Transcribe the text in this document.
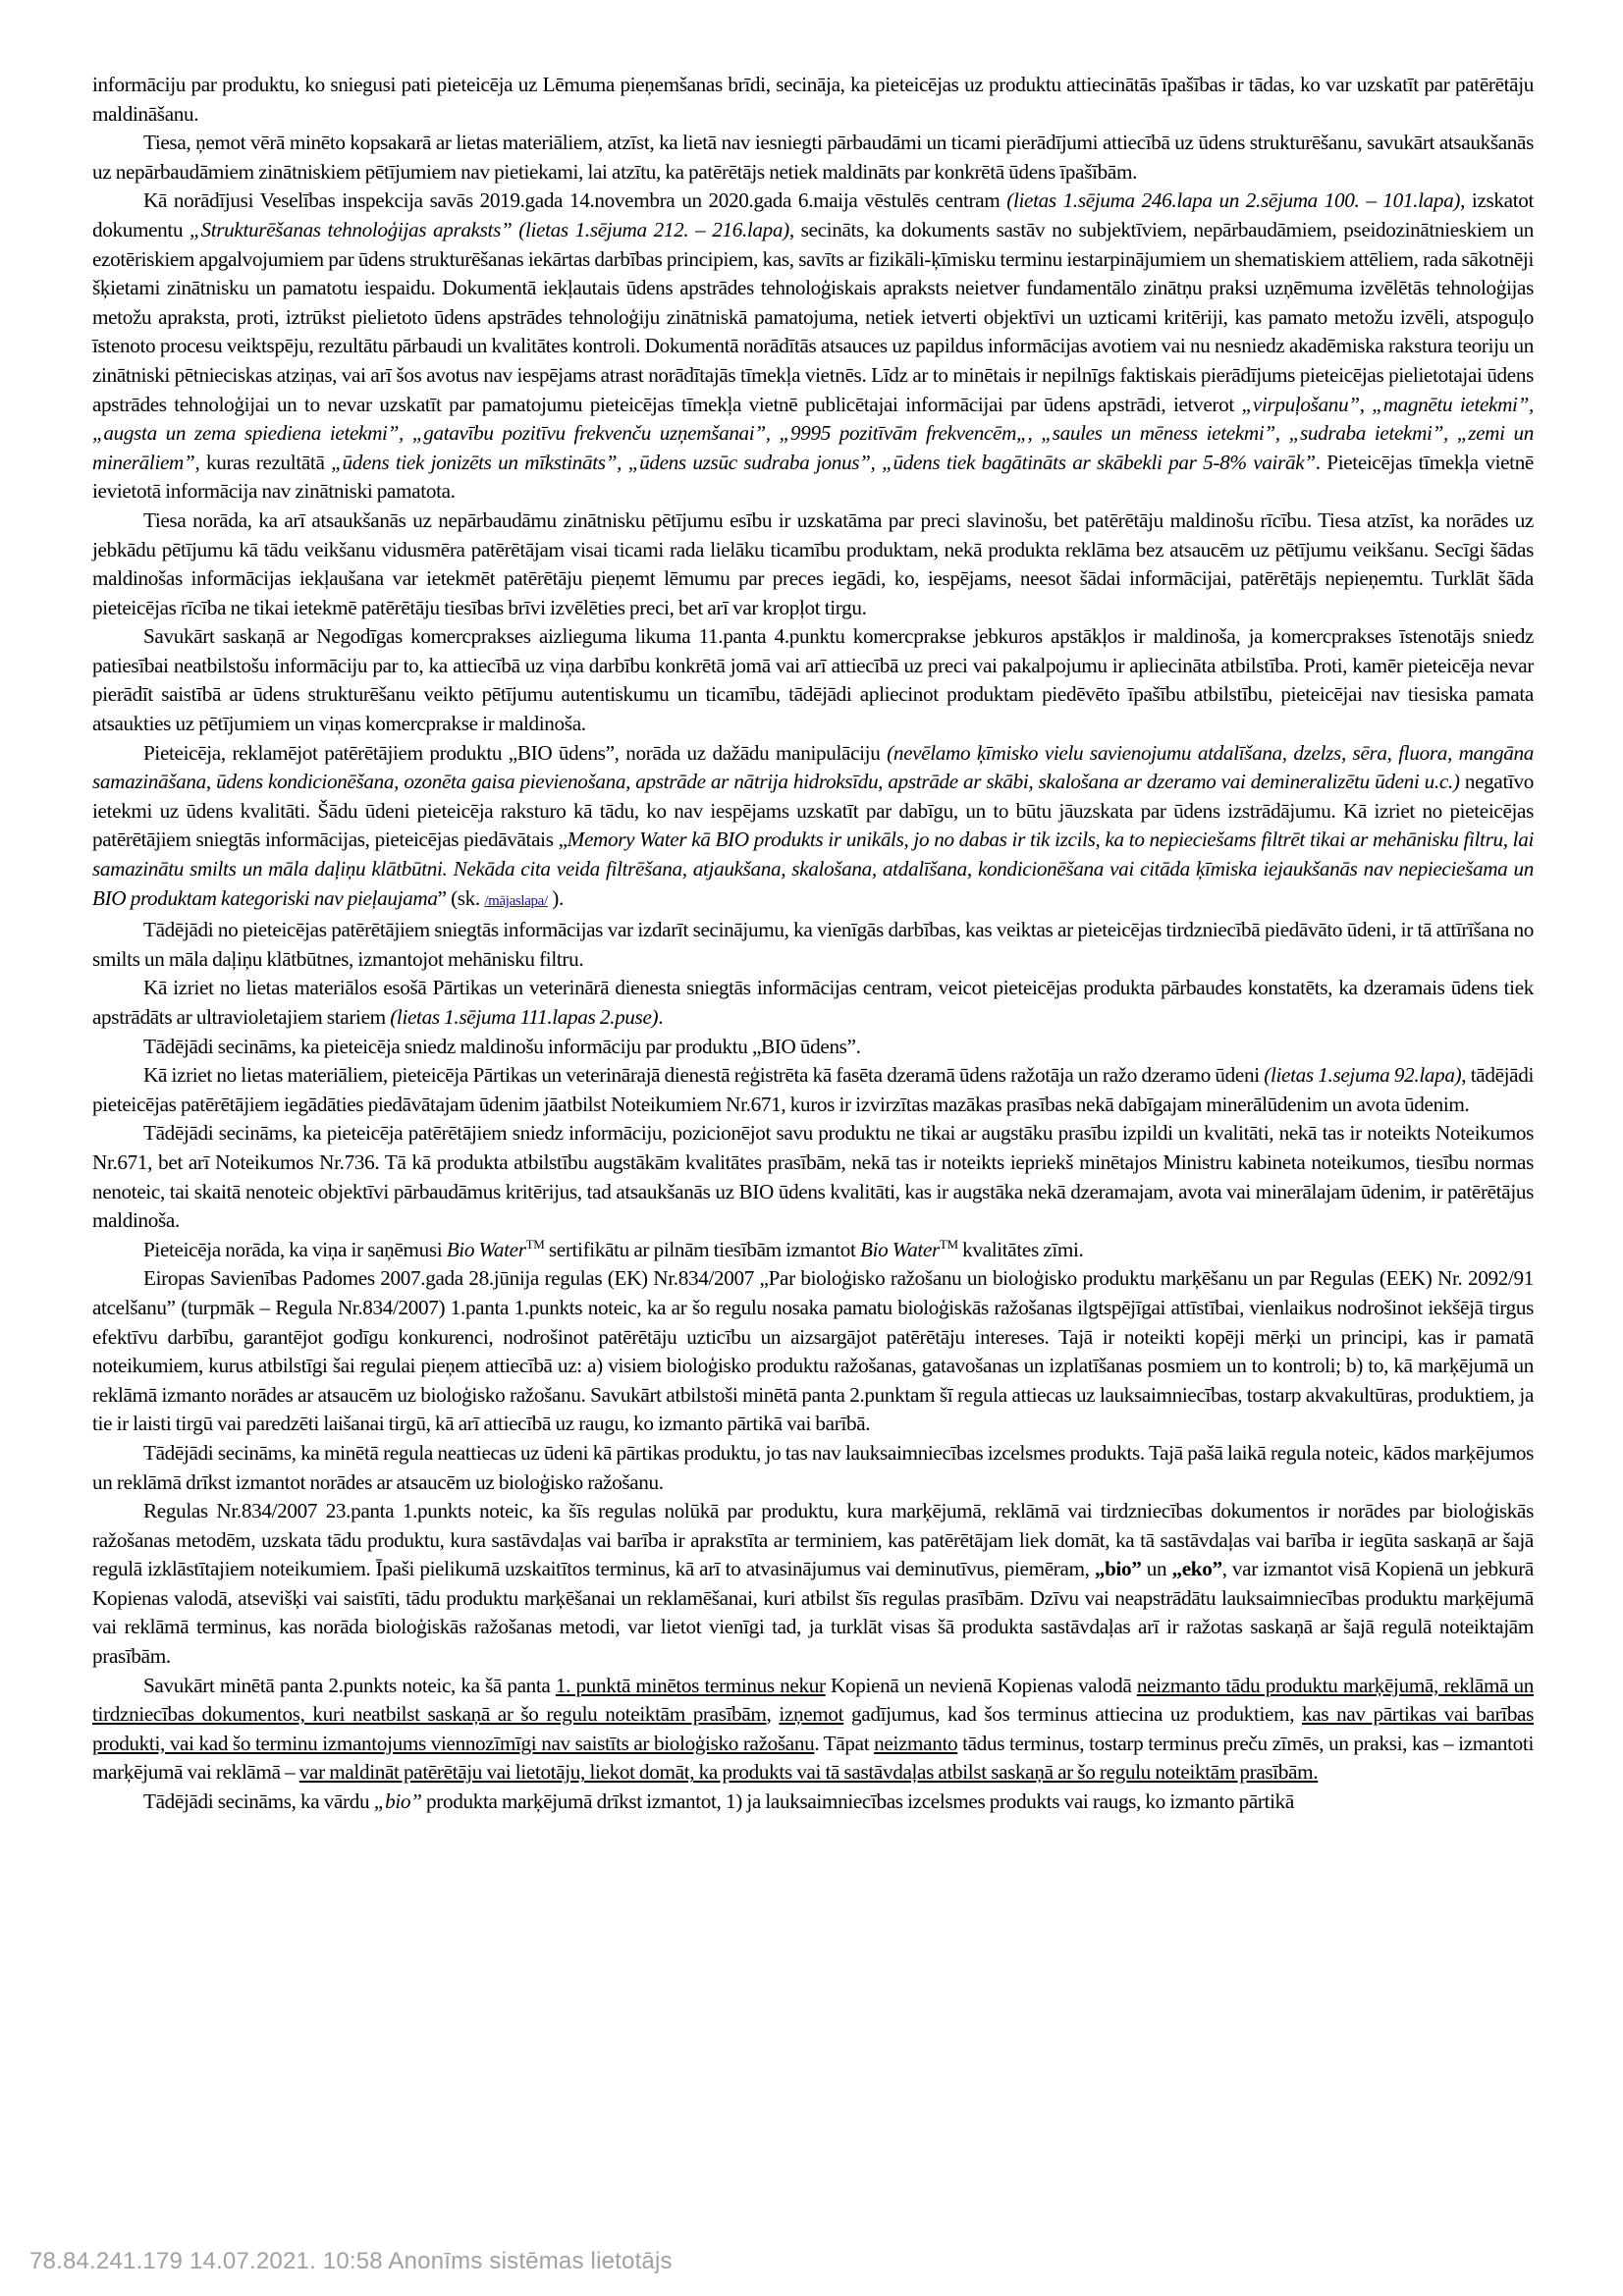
informāciju par produktu, ko sniegusi pati pieteicēja uz Lēmuma pieņemšanas brīdi, secināja, ka pieteicējas uz produktu attiecinātās īpašības ir tādas, ko var uzskatīt par patērētāju maldināšanu.

Tiesa, ņemot vērā minēto kopsakarā ar lietas materiāliem, atzīst, ka lietā nav iesniegti pārbaudāmi un ticami pierādījumi attiecībā uz ūdens strukturēšanu, savukārt atsaukšanās uz nepārbaudāmiem zinātniskiem pētījumiem nav pietiekami, lai atzītu, ka patērētājs netiek maldināts par konkrētā ūdens īpašībām.

Kā norādījusi Veselības inspekcija savās 2019.gada 14.novembra un 2020.gada 6.maija vēstulēs centram (lietas 1.sējuma 246.lapa un 2.sējuma 100. – 101.lapa), izskatot dokumentu „Strukturēšanas tehnoloģijas apraksts” (lietas 1.sējuma 212. – 216.lapa), secināts, ka dokuments sastāv no subjektīviem, nepārbaudāmiem, pseidozinātnieskiem un ezotēriskiem apgalvojumiem par ūdens strukturēšanas iekārtas darbības principiem, kas, savīts ar fizikāli-ķīmisku terminu iestarpinājumiem un shematiskiem attēliem, rada sākotnēji šķietami zinātnisku un pamatotu iespaidu. Dokumentā iekļautais ūdens apstrādes tehnoloģiskais apraksts neietver fundamentālo zinātņu praksi uzņēmuma izvēlētās tehnoloģijas metožu apraksta, proti, iztrūkst pielietoto ūdens apstrādes tehnoloģiju zinātniskā pamatojuma, netiek ietverti objektīvi un uzticami kritēriji, kas pamato metožu izvēli, atspoguļo īstenoto procesu veiktspēju, rezultātu pārbaudi un kvalitātes kontroli. Dokumentā norādītās atsauces uz papildus informācijas avotiem vai nu nesniedz akadēmiska rakstura teoriju un zinātniski pētnieciskas atziņas, vai arī šos avotus nav iespējams atrast norādītajās tīmekļa vietnēs. Līdz ar to minētais ir nepilnīgs faktiskais pierādījums pieteicējas pielietotajai ūdens apstrādes tehnoloģijai un to nevar uzskatīt par pamatojumu pieteicējas tīmekļa vietnē publicētajai informācijai par ūdens apstrādi, ietverot „virpuļošanu”, „magnētu ietekmi”, „augsta un zema spiediena ietekmi”, „gatavību pozitīvu frekvenču uzņemšanai”, „9995 pozitīvām frekvencēm„, „saules un mēness ietekmi”, „sudraba ietekmi”, „zemi un minerāliem”, kuras rezultātā „ūdens tiek jonizēts un mīkstināts”, „ūdens uzsūc sudraba jonus”, „ūdens tiek bagātināts ar skābekli par 5-8% vairāk”. Pieteicējas tīmekļa vietnē ievietotā informācija nav zinātniski pamatota.

Tiesa norāda, ka arī atsaukšanās uz nepārbaudāmu zinātnisku pētījumu esību ir uzskatāma par preci slavinošu, bet patērētāju maldinošu rīcību. Tiesa atzīst, ka norādes uz jebkādu pētījumu kā tādu veikšanu vidusmēra patērētājam visai ticami rada lielāku ticamību produktam, nekā produkta reklāma bez atsaucēm uz pētījumu veikšanu. Secīgi šādas maldinošas informācijas iekļaušana var ietekmēt patērētāju pieņemt lēmumu par preces iegādi, ko, iespējams, neesot šādai informācijai, patērētājs nepieņemtu. Turklāt šāda pieteicējas rīcība ne tikai ietekmē patērētāju tiesības brīvi izvēlēties preci, bet arī var kropļot tirgu.

Savukārt saskaņā ar Negodīgas komercprakses aizlieguma likuma 11.panta 4.punktu komercprakse jebkuros apstākļos ir maldinoša, ja komercprakses īstenotājs sniedz patiesībai neatbilstošu informāciju par to, ka attiecībā uz viņa darbību konkrētā jomā vai arī attiecībā uz preci vai pakalpojumu ir apliecināta atbilstība. Proti, kamēr pieteicēja nevar pierādīt saistībā ar ūdens strukturēšanu veikto pētījumu autentiskumu un ticamību, tādējādi apliecinot produktam piedēvēto īpašību atbilstību, pieteicējai nav tiesiska pamata atsaukties uz pētījumiem un viņas komercprakse ir maldinoša.

Pieteicēja, reklamējot patērētājiem produktu „BIO ūdens”, norāda uz dažādu manipulāciju (nevēlamo ķīmisko vielu savienojumu atdalīšana, dzelzs, sēra, fluora, mangāna samazināšana, ūdens kondicionēšana, ozonēta gaisa pievienošana, apstrāde ar nātrija hidroksīdu, apstrāde ar skābi, skalošana ar dzeramo vai demineralizētu ūdeni u.c.) negatīvo ietekmi uz ūdens kvalitāti. Šādu ūdeni pieteicēja raksturo kā tādu, ko nav iespējams uzskatīt par dabīgu, un to būtu jāuzskata par ūdens izstrādājumu. Kā izriet no pieteicējas patērētājiem sniegtās informācijas, pieteicējas piedāvātais „Memory Water kā BIO produkts ir unikāls, jo no dabas ir tik izcils, ka to nepieciešams filtrēt tikai ar mehānisku filtru, lai samazinātu smilts un māla daļiņu klātbūtni. Nekāda cita veida filtrēšana, atjaukšana, skalošana, atdalīšana, kondicionēšana vai citāda ķīmiska iejaukšanās nav nepieciešama un BIO produktam kategoriski nav pieļaujama” (sk. /mājaslapa/ ).

Tādējādi no pieteicējas patērētājiem sniegtās informācijas var izdarīt secinājumu, ka vienīgās darbības, kas veiktas ar pieteicējas tirdzniecībā piedāvāto ūdeni, ir tā attīrīšana no smilts un māla daļiņu klātbūtnes, izmantojot mehānisku filtru.

Kā izriet no lietas materiālos esošā Pārtikas un veterinārā dienesta sniegtās informācijas centram, veicot pieteicējas produkta pārbaudes konstatēts, ka dzeramais ūdens tiek apstrādāts ar ultravioletajiem stariem (lietas 1.sējuma 111.lapas 2.puse).

Tādējādi secināms, ka pieteicēja sniedz maldinošu informāciju par produktu „BIO ūdens”.

Kā izriet no lietas materiāliem, pieteicēja Pārtikas un veterinārajā dienestā reģistrēta kā fasēta dzeramā ūdens ražotāja un ražo dzeramo ūdeni (lietas 1.sejuma 92.lapa), tādējādi pieteicējas patērētājiem iegādāties piedāvātajam ūdenim jāatbilst Noteikumiem Nr.671, kuros ir izvirzītas mazākas prasības nekā dabīgajam minerālūdenim un avota ūdenim.

Tādējādi secināms, ka pieteicēja patērētājiem sniedz informāciju, pozicionējot savu produktu ne tikai ar augstāku prasību izpildi un kvalitāti, nekā tas ir noteikts Noteikumos Nr.671, bet arī Noteikumos Nr.736. Tā kā produkta atbilstību augstākām kvalitātes prasībām, nekā tas ir noteikts iepriekš minētajos Ministru kabineta noteikumos, tiesību normas nenotеic, tai skaitā nenoteic objektīvi pārbaudāmus kritērijus, tad atsaukšanās uz BIO ūdens kvalitāti, kas ir augstāka nekā dzeramajam, avota vai minerālajam ūdenim, ir patērētājus maldinoša.

Pieteicēja norāda, ka viņa ir saņēmusi Bio Water™ sertifikātu ar pilnām tiesībām izmantot Bio Water™ kvalitātes zīmi.

Eiropas Savienības Padomes 2007.gada 28.jūnija regulas (EK) Nr.834/2007 „Par bioloģisko ražošanu un bioloģisko produktu marķēšanu un par Regulas (EEK) Nr. 2092/91 atcelšanu” (turpmāk – Regula Nr.834/2007) 1.panta 1.punkts noteic, ka ar šo regulu nosaka pamatu bioloģiskās ražošanas ilgtspējīgai attīstībai, vienlaikus nodrošinot iekšējā tirgus efektīvu darbību, garantējot godīgu konkurenci, nodrošinot patērētāju uzticību un aizsargājot patērētāju intereses. Tajā ir noteikti kopēji mērķi un principi, kas ir pamatā noteikumiem, kurus atbilstīgi šai regulai pieņem attiecībā uz: a) visiem bioloģisko produktu ražošanas, gatavošanas un izplatīšanas posmiem un to kontroli; b) to, kā marķējumā un reklāmā izmanto norādes ar atsaucēm uz bioloģisko ražošanu. Savukārt atbilstoši minētā panta 2.punktam šī regula attiecas uz lauksaimniecības, tostarp akvakultūras, produktiem, ja tie ir laisti tirgū vai paredzēti laišanai tirgū, kā arī attiecībā uz raugu, ko izmanto pārtikā vai barībā.

Tādējādi secināms, ka minētā regula neattiecas uz ūdeni kā pārtikas produktu, jo tas nav lauksaimniecības izcelsmes produkts. Tajā pašā laikā regula noteic, kādos marķējumos un reklāmā drīkst izmantot norādes ar atsaucēm uz bioloģisko ražošanu.

Regulas Nr.834/2007 23.panta 1.punkts noteic, ka šīs regulas nolūkā par produktu, kura marķējumā, reklāmā vai tirdzniecības dokumentos ir norādes par bioloģiskās ražošanas metodēm, uzskata tādu produktu, kura sastāvdaļas vai barība ir aprakstīta ar terminiem, kas patērētājam liek domāt, ka tā sastāvdaļas vai barība ir iegūta saskaņā ar šajā regulā izklāstītajiem noteikumiem. Īpaši pielikumā uzskaitītos terminus, kā arī to atvasinājumus vai deminutīvus, piemēram, „bio” un „eko”, var izmantot visā Kopienā un jebkurā Kopienas valodā, atsevišķi vai saistīti, tādu produktu marķēšanai un reklamēšanai, kuri atbilst šīs regulas prasībām. Dzīvu vai neapstrādātu lauksaimniecības produktu marķējumā vai reklāmā terminus, kas norāda bioloģiskās ražošanas metodi, var lietot vienīgi tad, ja turklāt visas šā produkta sastāvdaļas arī ir ražotas saskaņā ar šajā regulā noteiktajām prasībām.

Savukārt minētā panta 2.punkts noteic, ka šā panta 1. punktā minētos terminus nekur Kopienā un nevienā Kopienas valodā neizmanto tādu produktu marķējumā, reklāmā un tirdzniecības dokumentos, kuri neatbilst saskaņā ar šo regulu noteiktām prasībām, izņemot gadījumus, kad šos terminus attiecina uz produktiem, kas nav pārtikas vai barības produkti, vai kad šo terminu izmantojums viennozīmīgi nav saistīts ar bioloģisko ražošanu. Tāpat neizmanto tādus terminus, tostarp terminus preču zīmēs, un praksi, kas – izmantoti marķējumā vai reklāmā – var maldināt patērētāju vai lietotāju, liekot domāt, ka produkts vai tā sastāvdaļas atbilst saskaņā ar šo regulu noteiktām prasībām.

Tādējādi secināms, ka vārdu „bio” produkta marķējumā drīkst izmantot, 1) ja lauksaimniecības izcelsmes produkts vai raugs, ko izmanto pārtikā

78.84.241.179 14.07.2021. 10:58 Anonīms sistēmas lietotājs
